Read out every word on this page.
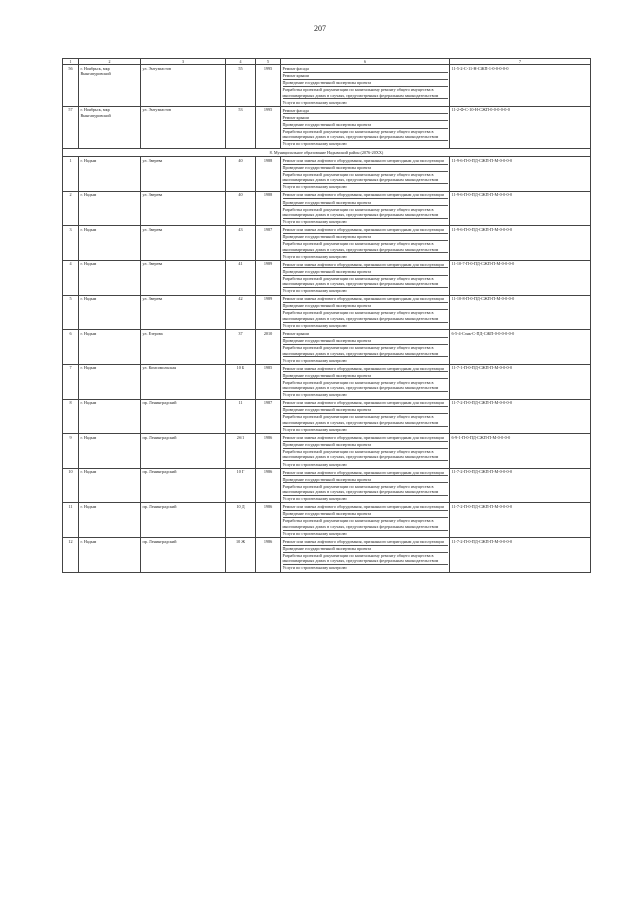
207
1	2	3	4	5	6	7
56	г. Ноябрьск, мкр Вынгапуровский	ул. Энтузиастов	55	1995	Ремонт фасада
Ремонт крыши
Проведение государственной экспертизы проекта
Разработка проектной документации по капитальному ремонту общего имущества в многоквартирных домах в случаях, предусмотренных федеральным законодательством
Услуги по строительному контролю	11-5-2-С-11-Н-СЖП-1-0-0-0-0-0
57	г. Ноябрьск, мкр Вынгапуровский	ул. Энтузиастов	53	1995	Ремонт фасада
Ремонт крыши
Проведение государственной экспертизы проекта
Разработка проектной документации по капитальному ремонту общего имущества в многоквартирных домах в случаях, предусмотренных федеральным законодательством
Услуги по строительному контролю	11-2-Ф-С-10-Н-СЖП-0-0-0-0-0-0
8. Муниципальное образование Надымский район (2076-20ХХ)						
1	г. Надым	ул. Зверева	40	1988	Ремонт или замена лифтового оборудования, признанного непригодным для эксплуатации
Проведение государственной экспертизы проекта
Разработка проектной документации по капитальному ремонту общего имущества в многоквартирных домах в случаях, предусмотренных федеральным законодательством
Услуги по строительному контролю	11-9-6-П-0-ПД-СЖП-П-М-0-0-0-0
2	г. Надым	ул. Зверева	40	1988	Ремонт или замена лифтового оборудования, признанного непригодным для эксплуатации
Проведение государственной экспертизы проекта
Разработка проектной документации по капитальному ремонту общего имущества в многоквартирных домах в случаях, предусмотренных федеральным законодательством
Услуги по строительному контролю	11-9-6-П-0-ПД-СЖП-П-М-0-0-0-0
3	г. Надым	ул. Зверева	43	1987	Ремонт или замена лифтового оборудования, признанного непригодным для эксплуатации
Проведение государственной экспертизы проекта
Разработка проектной документации по капитальному ремонту общего имущества в многоквартирных домах в случаях, предусмотренных федеральным законодательством
Услуги по строительному контролю	11-9-6-П-0-ПД-СЖП-П-М-0-0-0-0
4	г. Надым	ул. Зверева	41	1989	Ремонт или замена лифтового оборудования, признанного непригодным для эксплуатации
Проведение государственной экспертизы проекта
Разработка проектной документации по капитальному ремонту общего имущества в многоквартирных домах в случаях, предусмотренных федеральным законодательством
Услуги по строительному контролю	11-10-7-П-0-ПД-СЖП-П-М-0-0-0-0
5	г. Надым	ул. Зверева	42	1989	Ремонт или замена лифтового оборудования, признанного непригодным для эксплуатации
Проведение государственной экспертизы проекта
Разработка проектной документации по капитальному ремонту общего имущества в многоквартирных домах в случаях, предусмотренных федеральным законодательством
Услуги по строительному контролю	11-10-8-П-0-ПД-СЖП-П-М-0-0-0-0
6	г. Надым	ул. Езерова	37	2010	Ремонт крыши
Проведение государственной экспертизы проекта
Разработка проектной документации по капитальному ремонту общего имущества в многоквартирных домах в случаях, предусмотренных федеральным законодательством
Услуги по строительному контролю	6-5-4-Сэнк-С-ПД-СЖП-0-0-0-0-0-0
7	г. Надым	ул. Комсомольская	10 Б	1985	Ремонт или замена лифтового оборудования, признанного непригодным для эксплуатации
Проведение государственной экспертизы проекта
Разработка проектной документации по капитальному ремонту общего имущества в многоквартирных домах в случаях, предусмотренных федеральным законодательством
Услуги по строительному контролю	11-7-1-П-0-ПД-СЖП-П-М-0-0-0-0
8	г. Надым	пр. Ленинградский	11	1987	Ремонт или замена лифтового оборудования, признанного непригодным для эксплуатации
Проведение государственной экспертизы проекта
Разработка проектной документации по капитальному ремонту общего имущества в многоквартирных домах в случаях, предусмотренных федеральным законодательством
Услуги по строительному контролю	11-7-2-П-0-ПД-СЖП-П-М-0-0-0-0
9	г. Надым	пр. Ленинградский	2б/1	1986	Ремонт или замена лифтового оборудования, признанного непригодным для эксплуатации
Проведение государственной экспертизы проекта
Разработка проектной документации по капитальному ремонту общего имущества в многоквартирных домах в случаях, предусмотренных федеральным законодательством
Услуги по строительному контролю	6-9-1-П-0-ПД-СЖП-П-М-0-0-0-0
10	г. Надым	пр. Ленинградский	10 Г	1986	Ремонт или замена лифтового оборудования, признанного непригодным для эксплуатации
Проведение государственной экспертизы проекта
Разработка проектной документации по капитальному ремонту общего имущества в многоквартирных домах в случаях, предусмотренных федеральным законодательством
Услуги по строительному контролю	11-7-2-П-0-ПД-СЖП-П-М-0-0-0-0
11	г. Надым	пр. Ленинградский	10 Д	1986	Ремонт или замена лифтового оборудования, признанного непригодным для эксплуатации
Проведение государственной экспертизы проекта
Разработка проектной документации по капитальному ремонту общего имущества в многоквартирных домах в случаях, предусмотренных федеральным законодательством
Услуги по строительному контролю	11-7-2-П-0-ПД-СЖП-П-М-0-0-0-0
12	г. Надым	пр. Ленинградский	10 Ж	1986	Ремонт или замена лифтового оборудования, признанного непригодным для эксплуатации
Проведение государственной экспертизы проекта
Разработка проектной документации по капитальному ремонту общего имущества в многоквартирных домах в случаях, предусмотренных федеральным законодательством
Услуги по строительному контролю	11-7-2-П-0-ПД-СЖП-П-М-0-0-0-0
